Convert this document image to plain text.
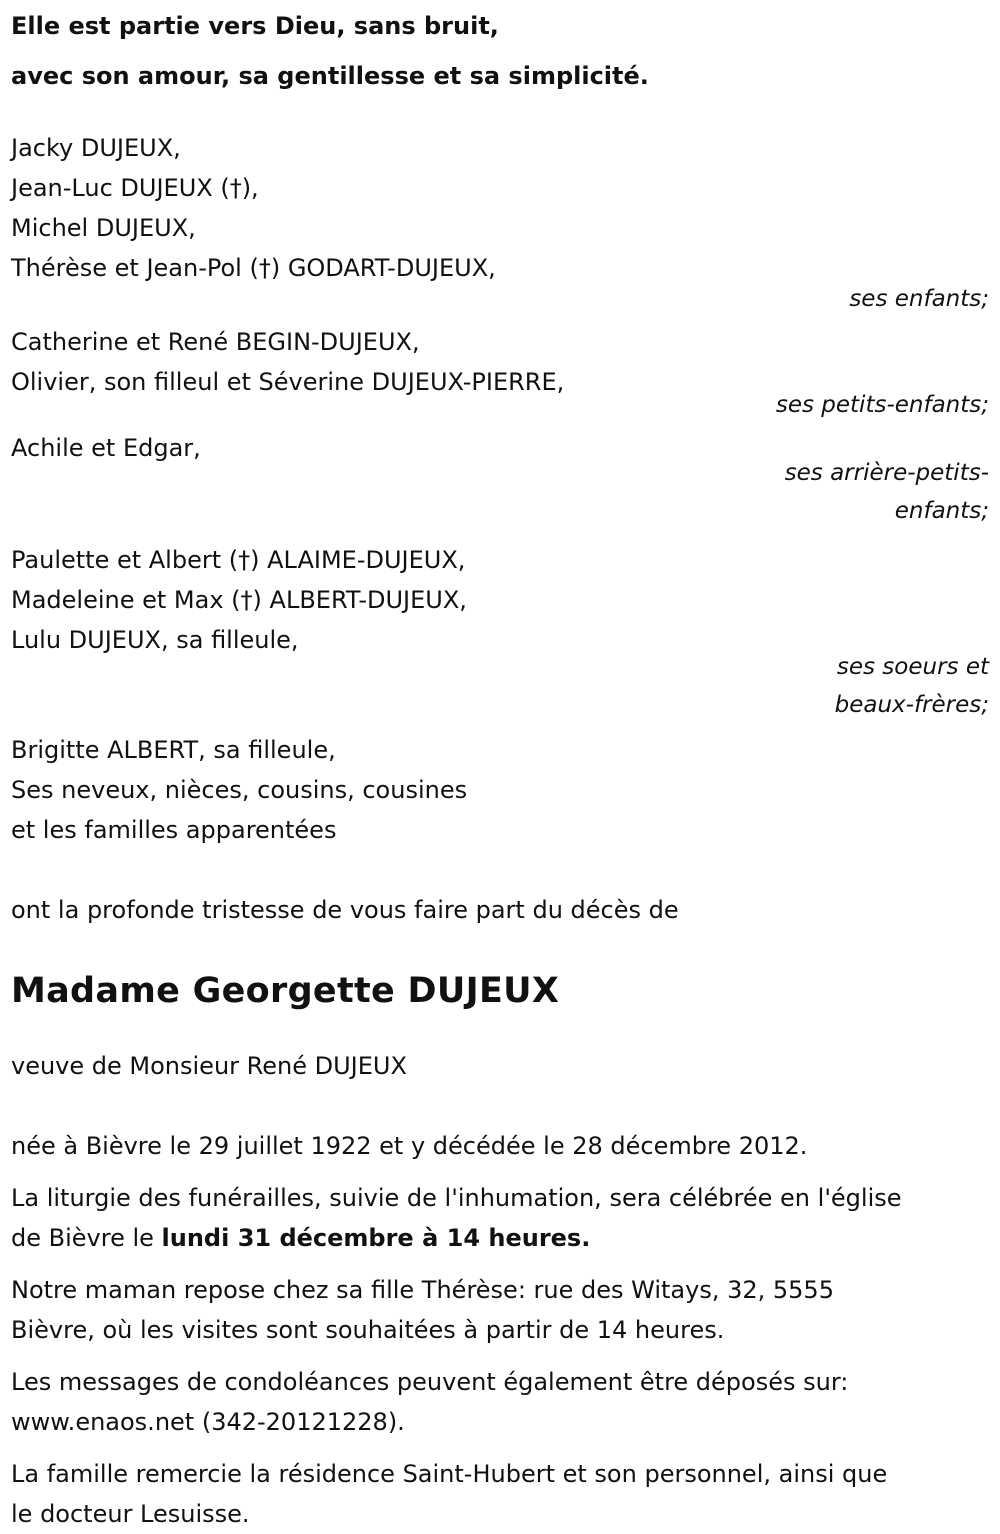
Elle est partie vers Dieu, sans bruit,
avec son amour, sa gentillesse et sa simplicité.
Jacky DUJEUX,
Jean-Luc DUJEUX (†),
Michel DUJEUX,
Thérèse et Jean-Pol (†) GODART-DUJEUX,
ses enfants;
Catherine et René BEGIN-DUJEUX,
Olivier, son filleul et Séverine DUJEUX-PIERRE,
ses petits-enfants;
Achile et Edgar,
ses arrière-petits-
enfants;
Paulette et Albert (†) ALAIME-DUJEUX,
Madeleine et Max (†) ALBERT-DUJEUX,
Lulu DUJEUX, sa filleule,
ses soeurs et
beaux-frères;
Brigitte ALBERT, sa filleule,
Ses neveux, nièces, cousins, cousines
et les familles apparentées
ont la profonde tristesse de vous faire part du décès de
Madame Georgette DUJEUX
veuve de Monsieur René DUJEUX
née à Bièvre le 29 juillet 1922 et y décédée le 28 décembre 2012.
La liturgie des funérailles, suivie de l'inhumation, sera célébrée en l'église
de Bièvre le lundi 31 décembre à 14 heures.
Notre maman repose chez sa fille Thérèse: rue des Witays, 32, 5555
Bièvre, où les visites sont souhaitées à partir de 14 heures.
Les messages de condoléances peuvent également être déposés sur:
www.enaos.net (342-20121228).
La famille remercie la résidence Saint-Hubert et son personnel, ainsi que
le docteur Lesuisse.
